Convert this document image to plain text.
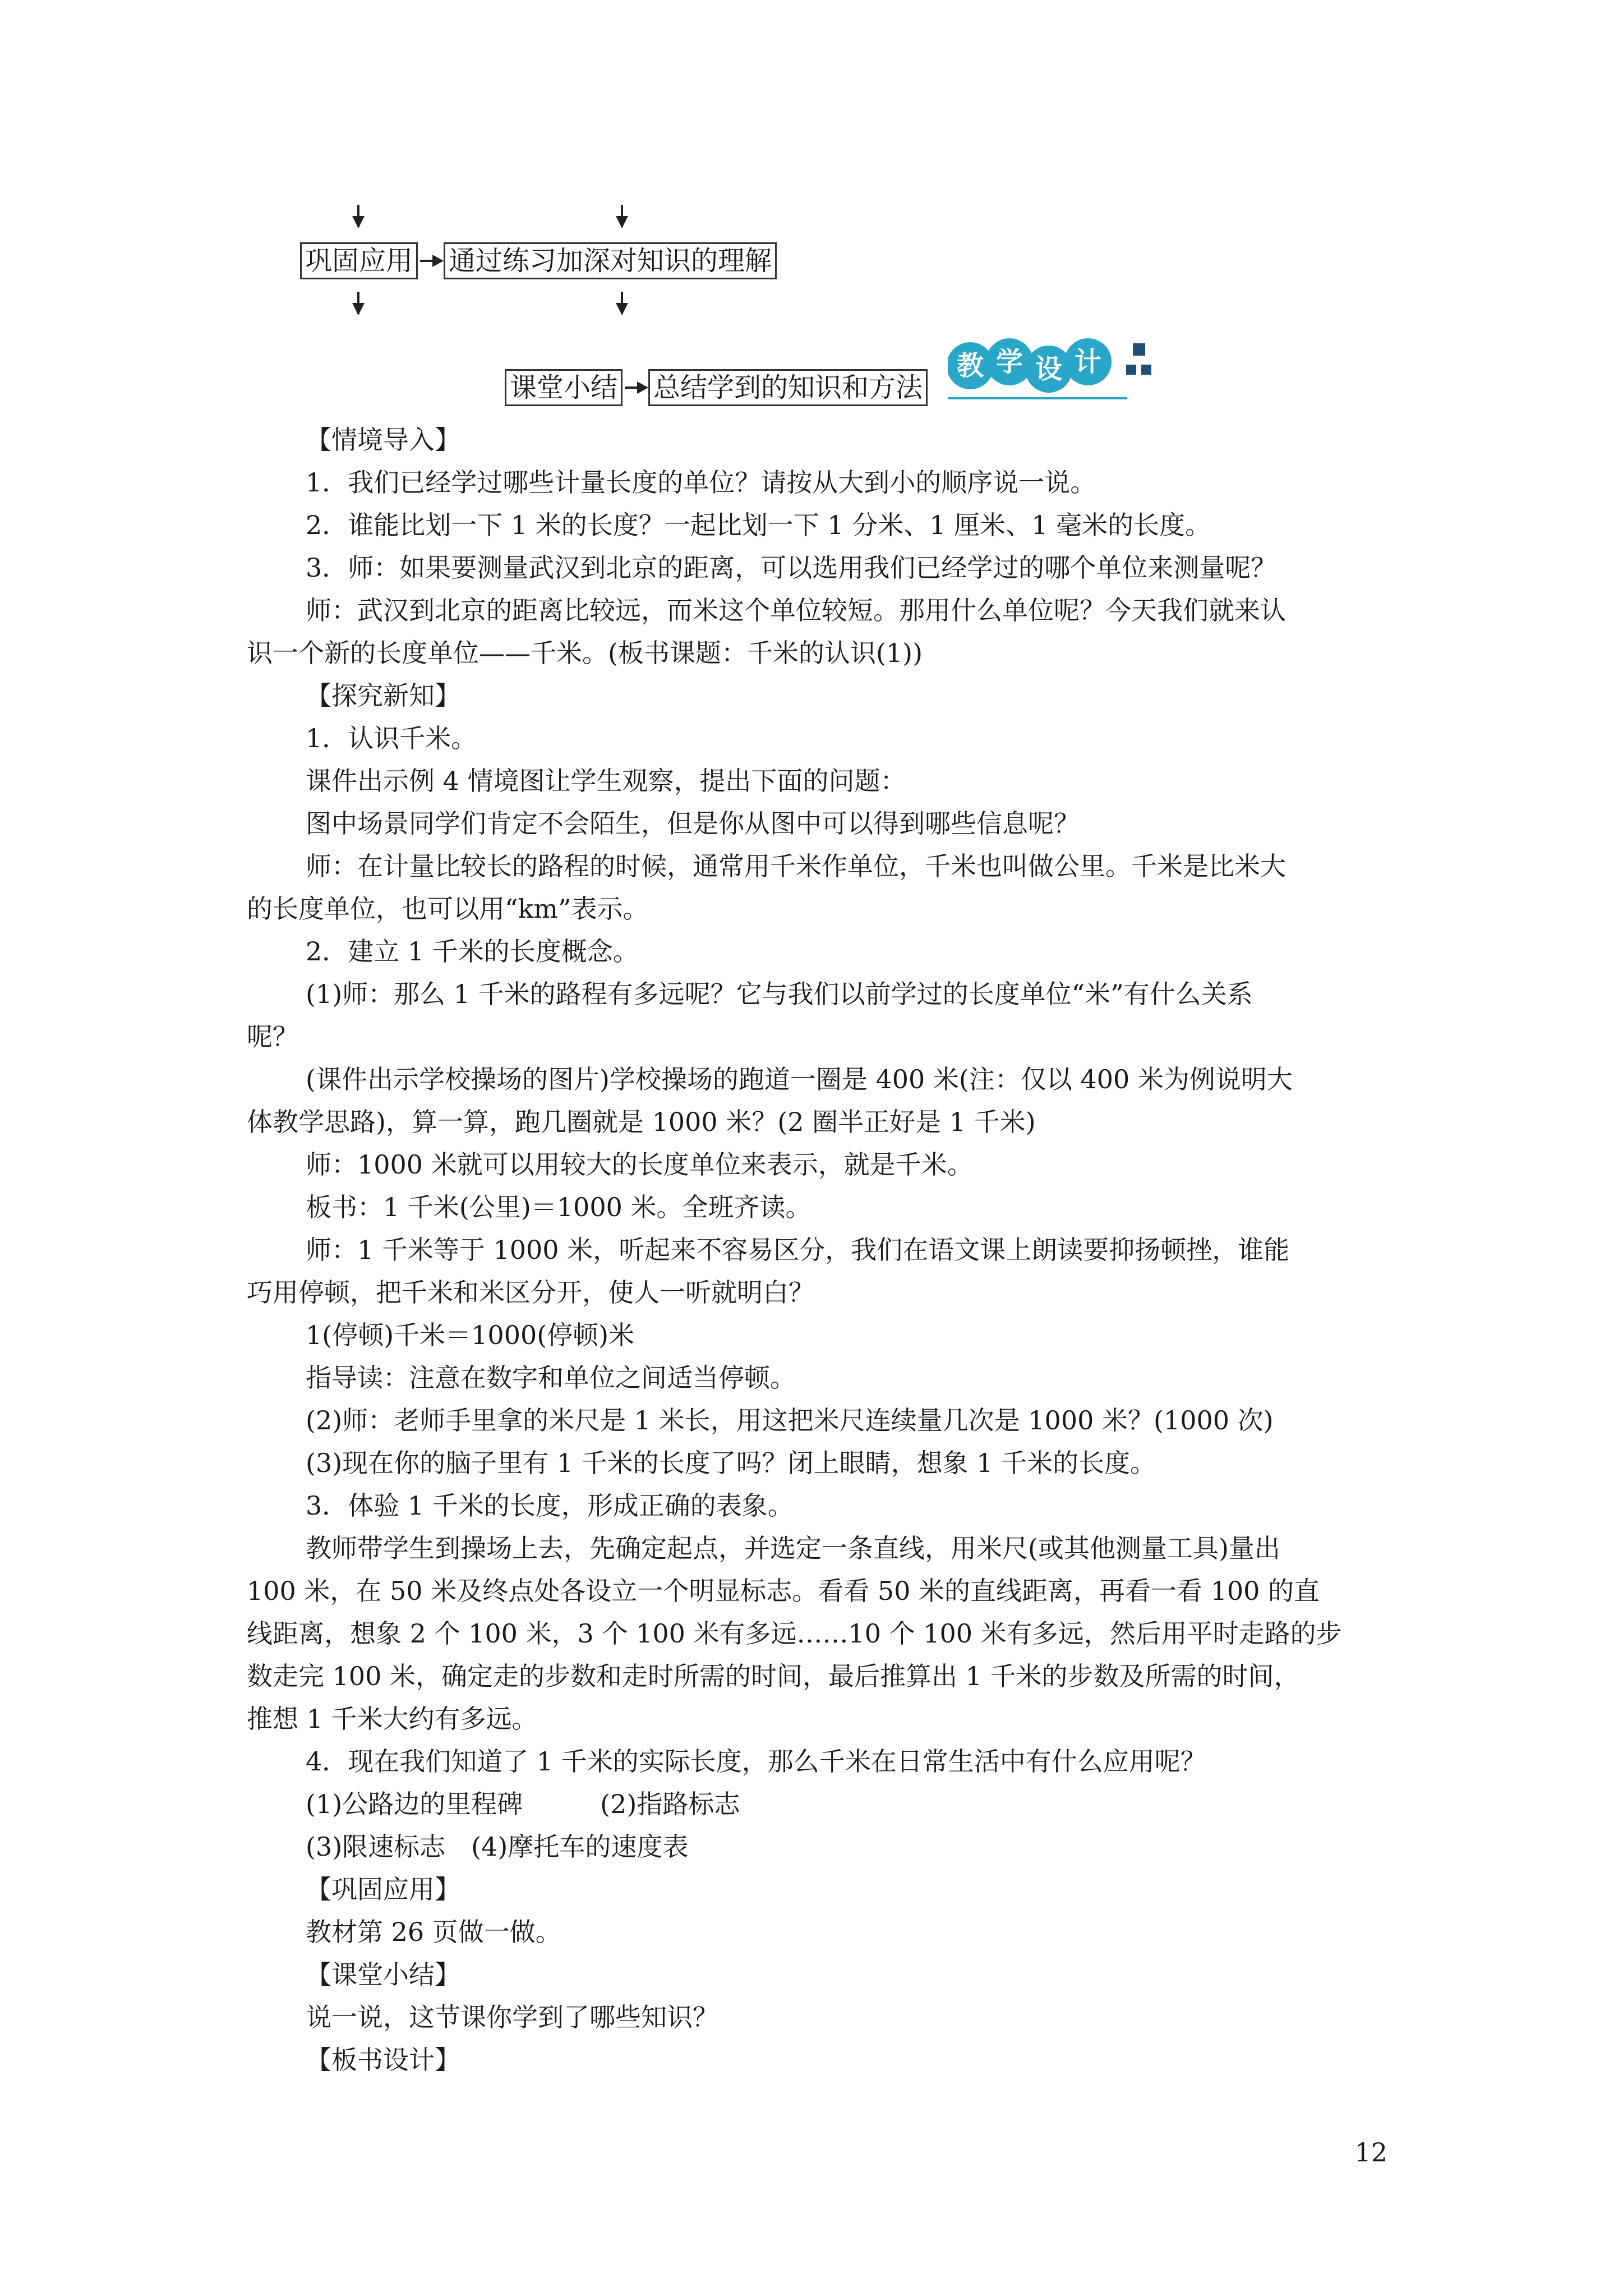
巩固应用 通过练习加深对知识的理解
课堂小结 总结学到的知识和方法
教 学 设 计
【情境导入】
1．我们已经学过哪些计量长度的单位？请按从大到小的顺序说一说。
2．谁能比划一下 1 米的长度？一起比划一下 1 分米、1 厘米、1 毫米的长度。
3．师：如果要测量武汉到北京的距离，可以选用我们已经学过的哪个单位来测量呢？
师：武汉到北京的距离比较远，而米这个单位较短。那用什么单位呢？今天我们就来认
识一个新的长度单位——千米。(板书课题：千米的认识(1))
【探究新知】
1．认识千米。
课件出示例 4 情境图让学生观察，提出下面的问题：
图中场景同学们肯定不会陌生，但是你从图中可以得到哪些信息呢？
师：在计量比较长的路程的时候，通常用千米作单位，千米也叫做公里。千米是比米大
的长度单位，也可以用“km”表示。
2．建立 1 千米的长度概念。
(1)师：那么 1 千米的路程有多远呢？它与我们以前学过的长度单位“米”有什么关系
呢？
(课件出示学校操场的图片)学校操场的跑道一圈是 400 米(注：仅以 400 米为例说明大
体教学思路)，算一算，跑几圈就是 1000 米？(2 圈半正好是 1 千米)
师：1000 米就可以用较大的长度单位来表示，就是千米。
板书：1 千米(公里)＝1000 米。全班齐读。
师：1 千米等于 1000 米，听起来不容易区分，我们在语文课上朗读要抑扬顿挫，谁能
巧用停顿，把千米和米区分开，使人一听就明白？
1(停顿)千米＝1000(停顿)米
指导读：注意在数字和单位之间适当停顿。
(2)师：老师手里拿的米尺是 1 米长，用这把米尺连续量几次是 1000 米？(1000 次)
(3)现在你的脑子里有 1 千米的长度了吗？闭上眼睛，想象 1 千米的长度。
3．体验 1 千米的长度，形成正确的表象。
教师带学生到操场上去，先确定起点，并选定一条直线，用米尺(或其他测量工具)量出
100 米，在 50 米及终点处各设立一个明显标志。看看 50 米的直线距离，再看一看 100 的直
线距离，想象 2 个 100 米，3 个 100 米有多远……10 个 100 米有多远，然后用平时走路的步
数走完 100 米，确定走的步数和走时所需的时间，最后推算出 1 千米的步数及所需的时间，
推想 1 千米大约有多远。
4．现在我们知道了 1 千米的实际长度，那么千米在日常生活中有什么应用呢？
(1)公路边的里程碑　　　(2)指路标志
(3)限速标志　(4)摩托车的速度表
【巩固应用】
教材第 26 页做一做。
【课堂小结】
说一说，这节课你学到了哪些知识？
【板书设计】
12
